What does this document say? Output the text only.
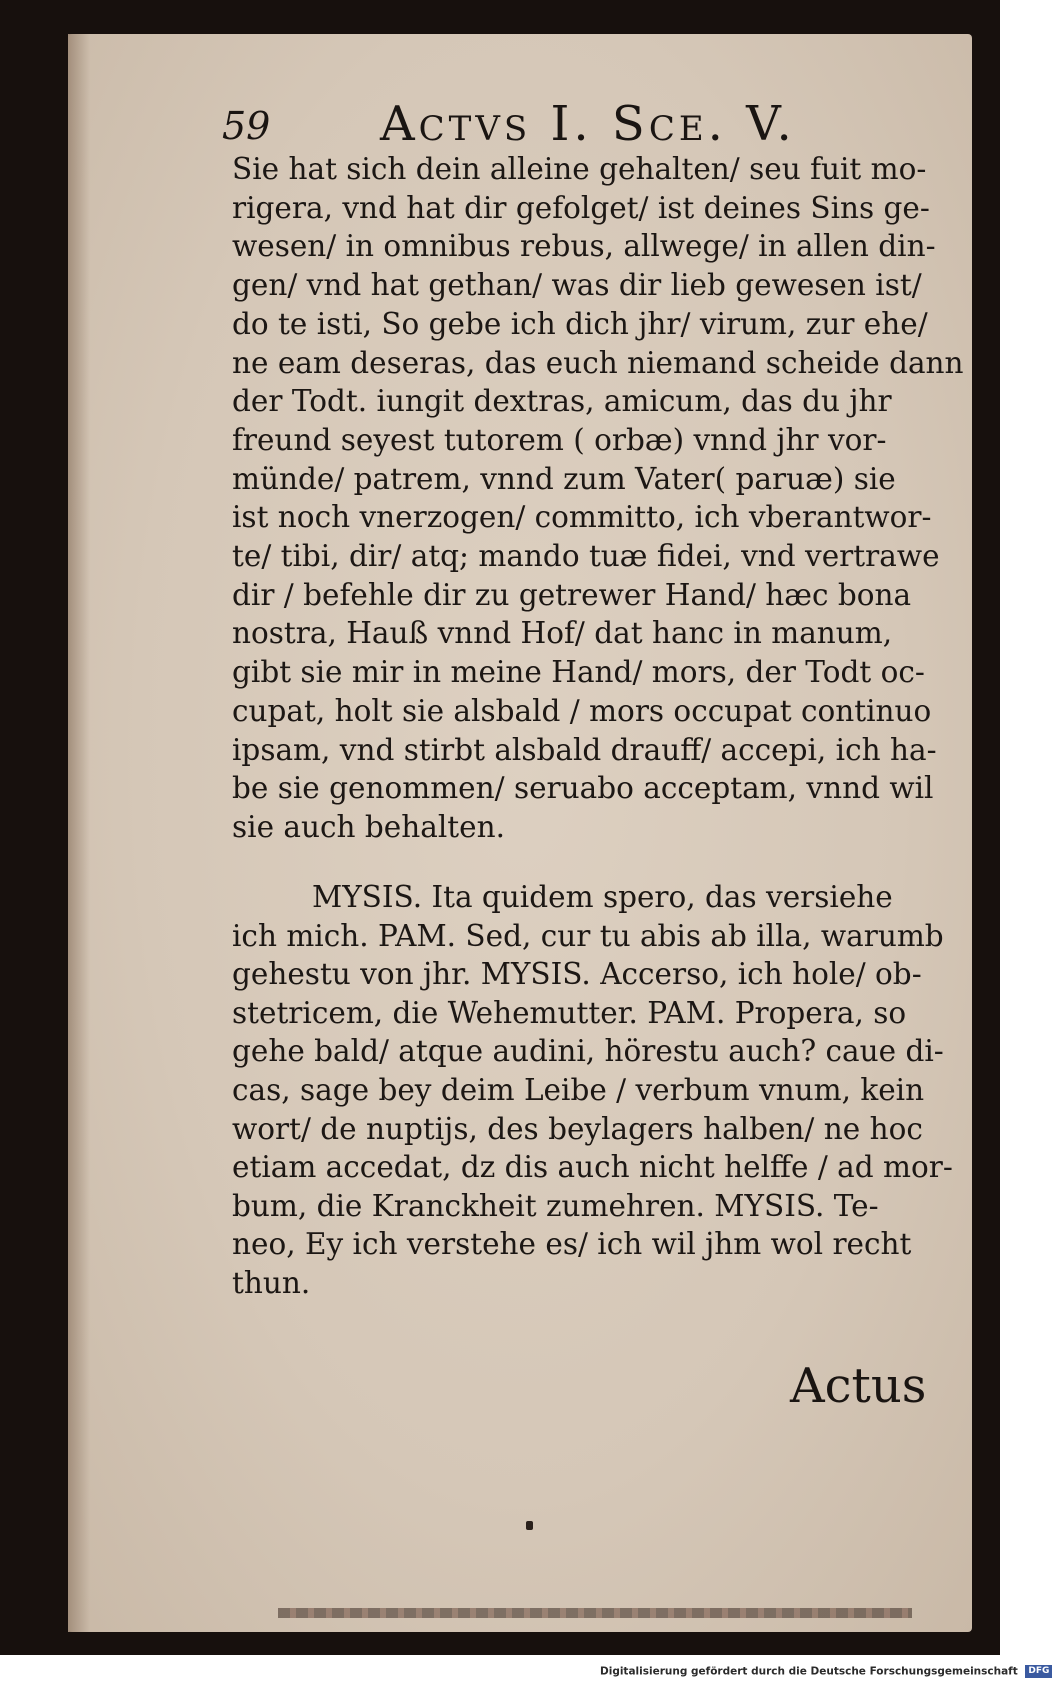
59 Actvs I. Sce. V.

Sie hat sich dein alleine gehalten/ seu fuit mo-

rigera, vnd hat dir gefolget/ ist deines Sins ge-

wesen/ in omnibus rebus, allwege/ in allen din-

gen/ vnd hat gethan/ was dir lieb gewesen ist/

do te isti, So gebe ich dich jhr/ virum, zur ehe/

ne eam deseras, das euch niemand scheide dann

der Todt. iungit dextras, amicum, das du jhr

freund seyest tutorem ( orbæ) vnnd jhr vor-

münde/ patrem, vnnd zum Vater( paruæ) sie

ist noch vnerzogen/ committo, ich vberantwor-

te/ tibi, dir/ atq; mando tuæ fidei, vnd vertrawe

dir / befehle dir zu getrewer Hand/ hæc bona

nostra, Hauß vnnd Hof/ dat hanc in manum,

gibt sie mir in meine Hand/ mors, der Todt oc-

cupat, holt sie alsbald / mors occupat continuo

ipsam, vnd stirbt alsbald drauff/ accepi, ich ha-

be sie genommen/ seruabo acceptam, vnnd wil

sie auch behalten.

MYSIS. Ita quidem spero, das versiehe

ich mich. PAM. Sed, cur tu abis ab illa, warumb

gehestu von jhr. MYSIS. Accerso, ich hole/ ob-

stetricem, die Wehemutter. PAM. Propera, so

gehe bald/ atque audini, hörestu auch? caue di-

cas, sage bey deim Leibe / verbum vnum, kein

wort/ de nuptijs, des beylagers halben/ ne hoc

etiam accedat, dz dis auch nicht helffe / ad mor-

bum, die Kranckheit zumehren. MYSIS. Te-

neo, Ey ich verstehe es/ ich wil jhm wol recht

thun.

Actus
Digitalisierung gefördert durch die Deutsche Forschungsgemeinschaft DFG
